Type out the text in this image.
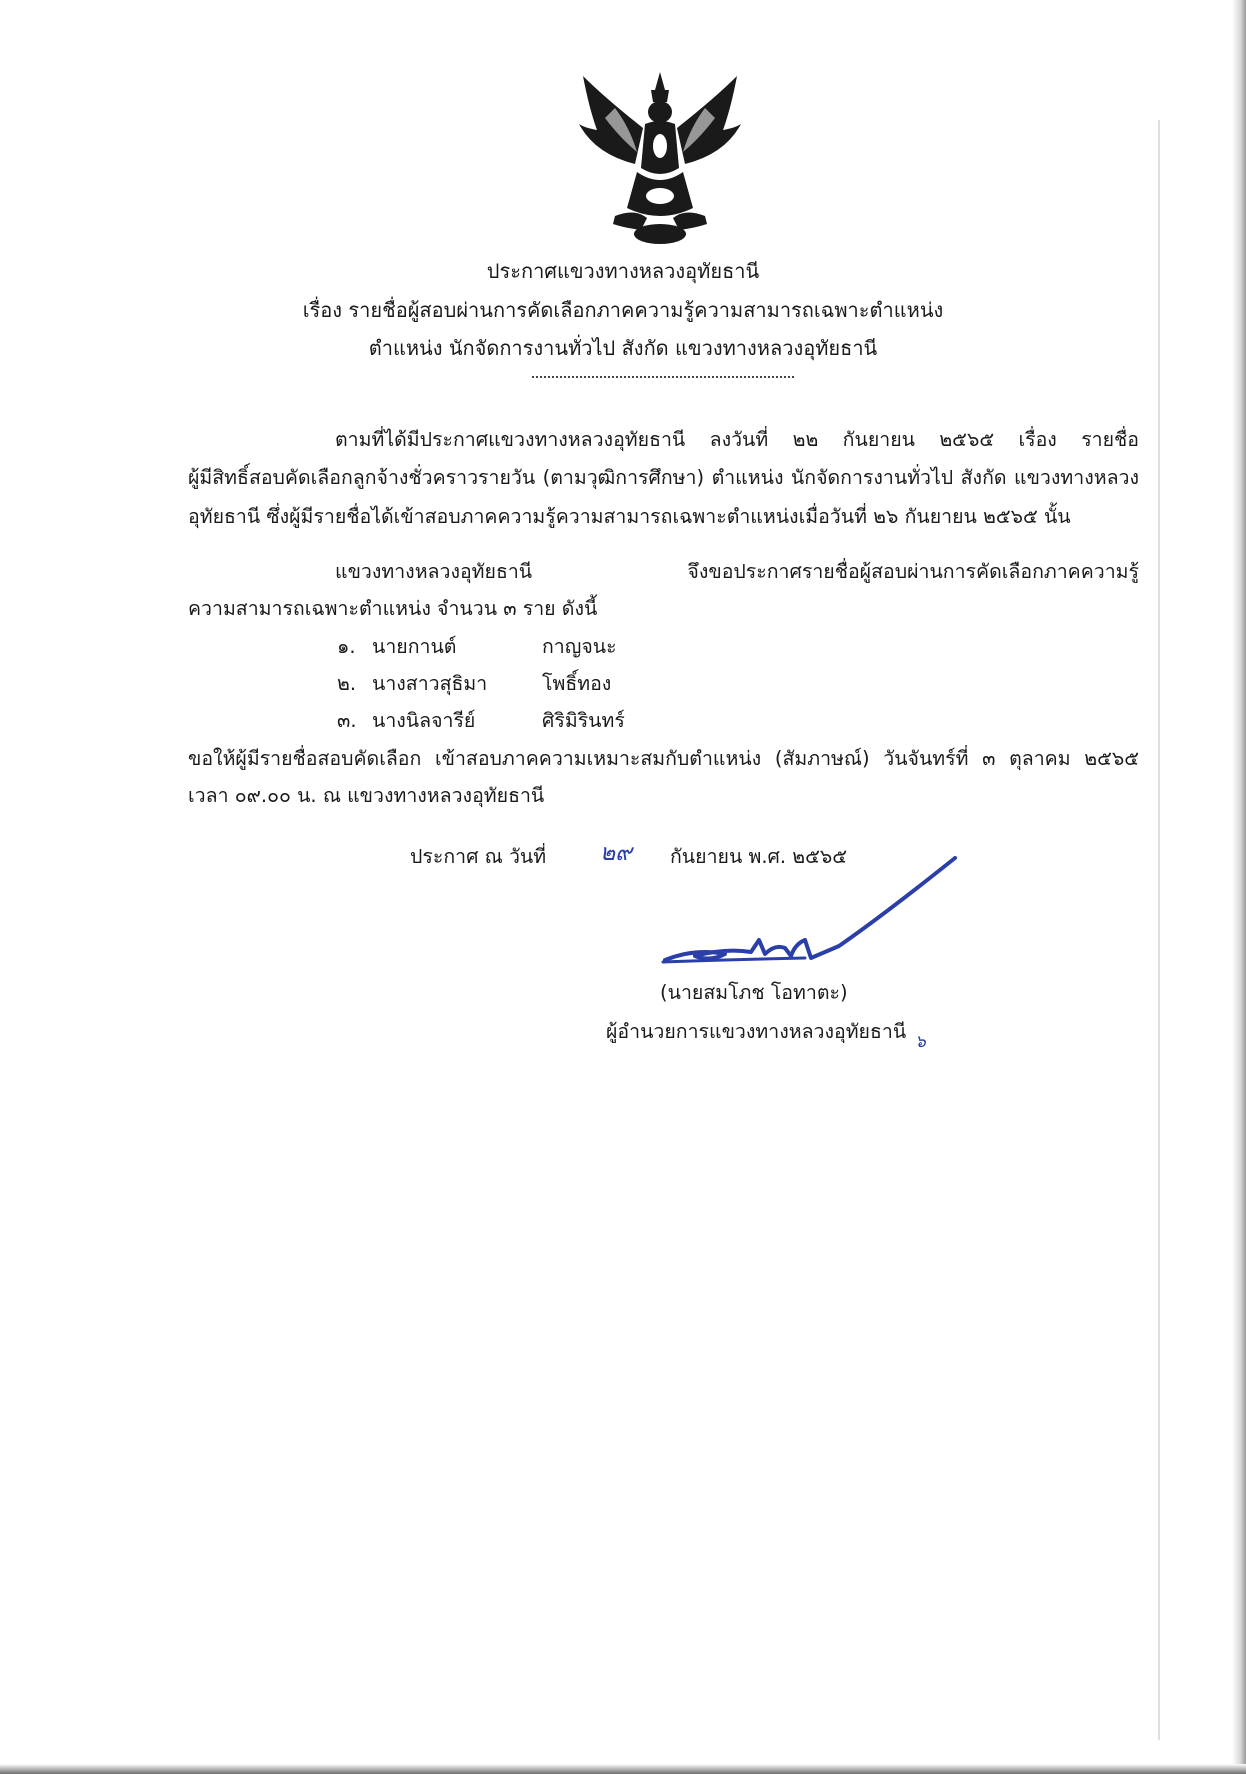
ประกาศแขวงทางหลวงอุทัยธานี
เรื่อง รายชื่อผู้สอบผ่านการคัดเลือกภาคความรู้ความสามารถเฉพาะตำแหน่ง
ตำแหน่ง นักจัดการงานทั่วไป สังกัด แขวงทางหลวงอุทัยธานี
ตามที่ได้มีประกาศแขวงทางหลวงอุทัยธานี ลงวันที่ ๒๒ กันยายน ๒๕๖๕ เรื่อง รายชื่อ
ผู้มีสิทธิ์สอบคัดเลือกลูกจ้างชั่วคราวรายวัน (ตามวุฒิการศึกษา) ตำแหน่ง นักจัดการงานทั่วไป สังกัด แขวงทางหลวง
อุทัยธานี ซึ่งผู้มีรายชื่อได้เข้าสอบภาคความรู้ความสามารถเฉพาะตำแหน่งเมื่อวันที่ ๒๖ กันยายน ๒๕๖๕ นั้น
แขวงทางหลวงอุทัยธานี จึงขอประกาศรายชื่อผู้สอบผ่านการคัดเลือกภาคความรู้
ความสามารถเฉพาะตำแหน่ง จำนวน ๓ ราย ดังนี้
๑. นายกานต์	กาญจนะ
๒. นางสาวสุธิมา	โพธิ์ทอง
๓. นางนิลจารีย์	ศิริมิรินทร์
ขอให้ผู้มีรายชื่อสอบคัดเลือก เข้าสอบภาคความเหมาะสมกับตำแหน่ง (สัมภาษณ์) วันจันทร์ที่ ๓ ตุลาคม ๒๕๖๕
เวลา ๐๙.๐๐ น. ณ แขวงทางหลวงอุทัยธานี
ประกาศ ณ วันที่ ๒๙ กันยายน พ.ศ. ๒๕๖๕
(นายสมโภช โอทาตะ)
ผู้อำนวยการแขวงทางหลวงอุทัยธานี ๖
